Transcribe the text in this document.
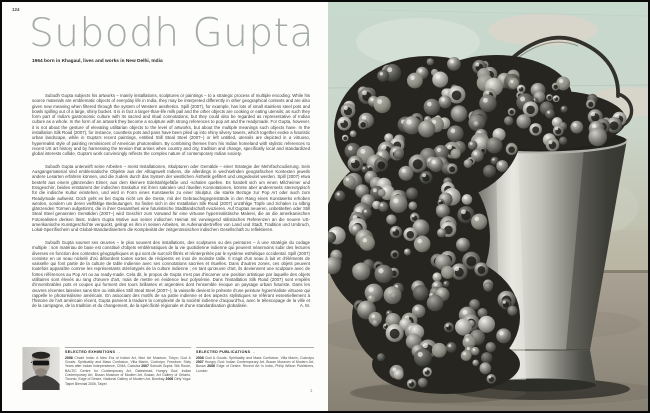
124
Subodh Gupta
1964 born in Khagaul, lives and works in New Delhi, India

Subodh Gupta subjects his artworks – mainly installations, sculptures or paintings – to a strategic process of multiple encoding. While his source materials are emblematic objects of everyday life in India, they may be interpreted differently in other geographical contexts and are also given new meaning when filtered through the system of Western aesthetics. Spill (2007), for example, has lots of small stainless steel pots and bowls spilling out of a large, shiny bucket. It is in fact a larger-than-life milk pail and the other objects are cooking or eating utensils; as such they form part of India's gastronomic culture with its sacred and ritual connotations, but they could also be regarded as representative of Indian culture as a whole. In the form of an artwork they become a sculpture with strong references to pop art and the readymade. For Gupta, however, it is not about the gesture of elevating utilitarian objects to the level of artworks, but about the multiple meanings such objects have. In the installation Silk Road (2007), for instance, countless pots and pans have been piled up into shiny silvery towers, which together evoke a futuristic urban landscape, while in Gupta's recent paintings, entitled Still Steal Steel (2007–) or left untitled, utensils are depicted in a virtuoso, hyperrealist style of painting reminiscent of American photorealism. By combining themes from his Indian homeland with stylistic references to recent US art history and by harnessing the tension that arises when country and city, tradition and change, specifically local and standardized global interests collide, Gupta's work convincingly reflects the complex nature of contemporary Indian society.

Subodh Gupta unterwirft seine Arbeiten – meist Installationen, Skulpturen oder Gemälde – einer Strategie der Mehrfachcodierung. Sein Ausgangsmaterial sind emblematische Objekte aus der Alltagswelt Indiens, die allerdings in wechselnden geografischen Kontexten jeweils andere Lesarten erfahren können, und die zudem durch das System der westlichen Ästhetik gefiltert und umgedeutet werden. Spill (2007) etwa besteht aus einem glänzenden Eimer, aus dem kleinere Edelstahlgefäße und -schalen quellen. Es handelt sich um einen Milcheimer und Essgeschirr, beides entstammt der indischen Esskultur mit ihren sakralen und rituellen Konnotationen, könnte aber andererseits stereotypisch für die indische Kultur einstehen, und wird in Form eines Kunstwerks zu einer Skulptur, die starke Bezüge zur Pop Art oder auch zum Readymade aufweist. Doch geht es bei Gupta nicht um die Geste, mit der Gebrauchsgegenstände in den Rang eines Kunstwerks erhoben werden, sondern um deren vielfältige Bedeutungen. So finden sich in der Installation Silk Road (2007) unzählige Töpfe und Schalen zu silbrig glänzenden Türmen aufgetürmt, die in ihrer Gesamtheit eine futuristische Stadtlandschaft evozieren. Auf Guptas neueren, unbetitelten oder Still Steal Steel genannten Gemälden (2007–) wird Geschirr zum Vorwand für eine virtuose hyperrealistische Malerei, die an die amerikanischen Fotorealisten denken lässt. Indem Gupta Motive aus seiner indischen Heimat mit vorwiegend stilistischen Referenzen an die neuere US-amerikanische Kunstgeschichte verquickt, gelingt es ihm in seinen Arbeiten, im Aufeinandertreffen von Land und Stadt, Tradition und Umbruch, Lokal-Spezifischem und Global-Standardisiertem die Komplexität der zeitgenössischen indischen Gesellschaft zu reflektieren.

Subodh Gupta soumet ses œuvres – le plus souvent des installations, des sculptures ou des peintures – à une stratégie du codage multiple : son matériau de base est constitué d'objets emblématiques de la vie quotidienne indienne qui peuvent néanmoins subir des lectures diverses en fonction des contextes géographiques et qui sont de surcroît filtrés et réinterprétés par le système esthétique occidental. Spill (2007) consiste en un seau nickelé d'où débordent toutes sortes de récipients en inox de moindre taille. Il s'agit d'un seau à lait et d'éléments de vaisselle qui font partie de la culture de table indienne avec ses connotations sacrées et rituelles. Dans d'autres zones, ces objets peuvent toutefois apparaître comme les représentants stéréotypés de la culture indienne ; en tant qu'œuvre d'art, ils deviennent une sculpture avec de fortes références au Pop Art ou au ready-made. Cela dit, le propos de Gupta n'est pas d'incarner une position artistique par laquelle des objets utilitaires sont élevés au rang d'œuvre d'art, mais de mettre en évidence leur polysémie. Dans l'installation Silk Road (2007) sont empilés d'innombrables pots et coupes qui forment des tours brillantes et argentées dont l'ensemble évoque un paysage urbain futuriste. Dans les œuvres récentes laissées sans titre ou intitulées Still Steal Steel (2007–), la vaisselle devient le prétexte d'une peinture hyperréaliste virtuose qui rappelle le photoréalisme américain. En associant des motifs de sa patrie indienne et des aspects stylistiques se référant essentiellement à l'histoire de l'art américain récent, Gupta parvient à traduire la complexité de la société indienne d'aujourd'hui, avec le télescopage de la ville et de la campagne, de la tradition et du changement, de la spécificité régionale et d'une standardisation globalisée.	A. M.

SELECTED EXHIBITIONS →
2008 Chalo! India: A New Era of Indian Art, Mori Art Museum, Tokyo; God & Goods: Spirituality and Mass Confusion, Villa Manin, Codroipo; Freedom: Sixty Years after Indian Independence, CIMA, Calcutta 2007 Subodh Gupta: Silk Route, BALTIC Centre for Contemporary Art, Gateshead; Hungry God: Indian Contemporary Art, Busan Museum of Modern Art, Busan; Art Gallery of Ontario, Toronto; Edge of Desire, National Gallery of Modern Art, Bombay 2006 Dirty Yoga: Taipei Biennial 2006, Taipei
SELECTED PUBLICATIONS →
2008 God & Goods: Spirituality and Mass Confusion, Villa Manin, Codroipo 2007 Hungry God: Indian Contemporary Art, Busan Museum of Modern Art, Busan 2006 Edge of Desire: Recent Art in India, Philip Wilson Publishers, London
1
